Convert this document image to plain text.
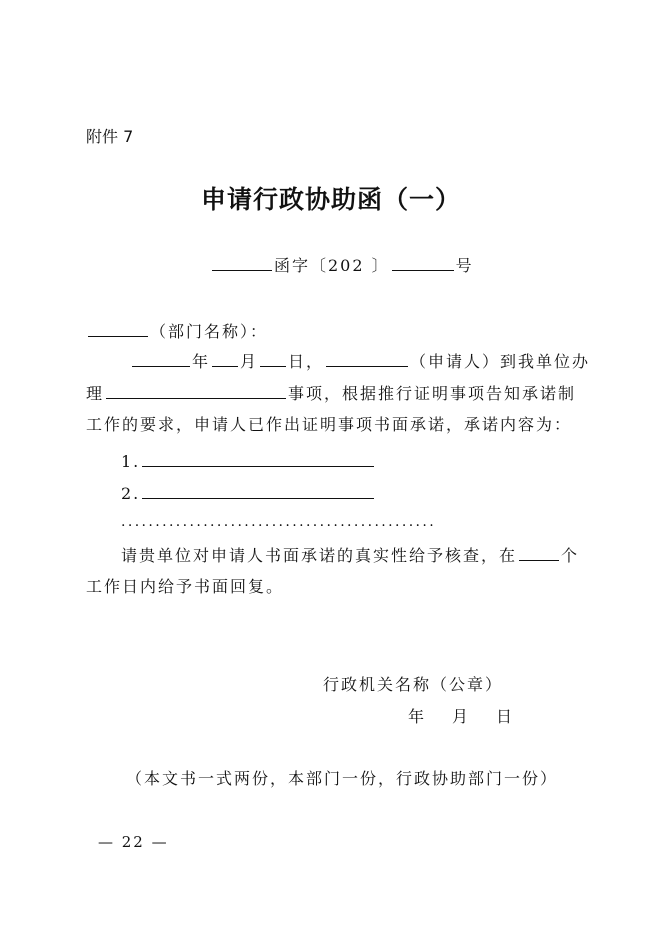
附件 7
申请行政协助函（一）
函字〔202 〕	号
（部门名称）：
年 月 日，	（申请人）到我单位办
理	事项，根据推行证明事项告知承诺制
工作的要求，申请人已作出证明事项书面承诺，承诺内容为：
1.
2.
..............................................
请贵单位对申请人书面承诺的真实性给予核查，在	个
工作日内给予书面回复。
行政机关名称（公章）
年　月　日
（本文书一式两份，本部门一份，行政协助部门一份）
— 22 —
